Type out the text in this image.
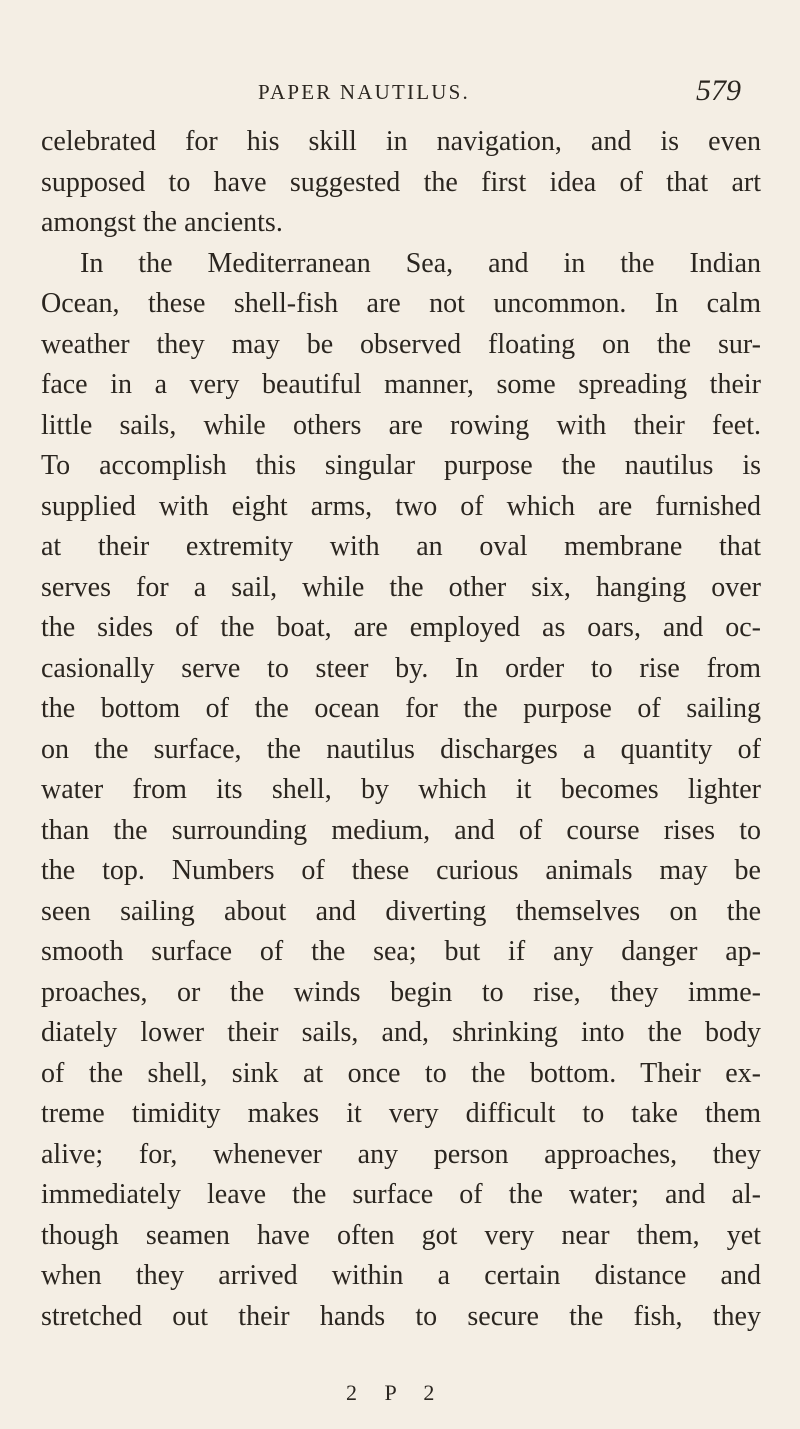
PAPER NAUTILUS.	579
celebrated for his skill in navigation, and is even
supposed to have suggested the first idea of that art
amongst the ancients.
In the Mediterranean Sea, and in the Indian
Ocean, these shell-fish are not uncommon. In calm
weather they may be observed floating on the sur-
face in a very beautiful manner, some spreading their
little sails, while others are rowing with their feet.
To accomplish this singular purpose the nautilus is
supplied with eight arms, two of which are furnished
at their extremity with an oval membrane that
serves for a sail, while the other six, hanging over
the sides of the boat, are employed as oars, and oc-
casionally serve to steer by. In order to rise from
the bottom of the ocean for the purpose of sailing
on the surface, the nautilus discharges a quantity of
water from its shell, by which it becomes lighter
than the surrounding medium, and of course rises to
the top. Numbers of these curious animals may be
seen sailing about and diverting themselves on the
smooth surface of the sea; but if any danger ap-
proaches, or the winds begin to rise, they imme-
diately lower their sails, and, shrinking into the body
of the shell, sink at once to the bottom. Their ex-
treme timidity makes it very difficult to take them
alive; for, whenever any person approaches, they
immediately leave the surface of the water; and al-
though seamen have often got very near them, yet
when they arrived within a certain distance and
stretched out their hands to secure the fish, they
2 P 2
